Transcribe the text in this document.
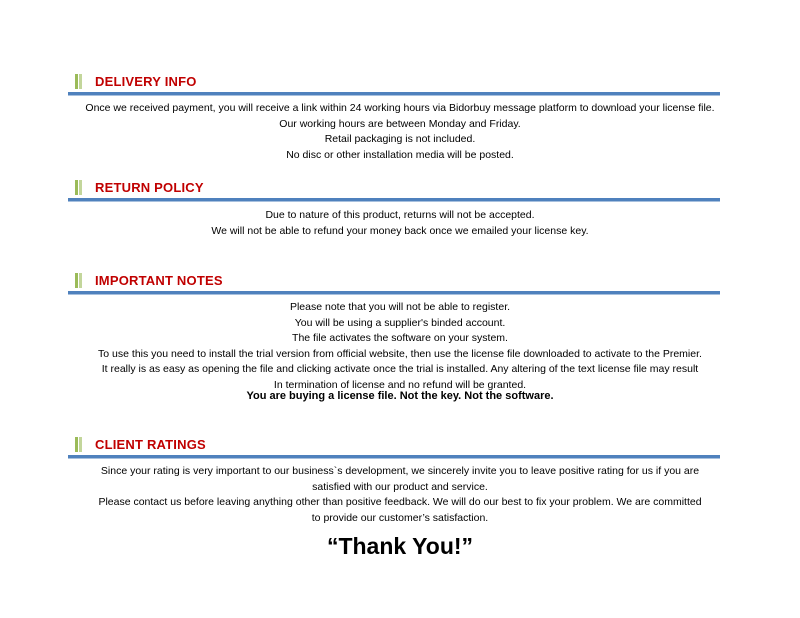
DELIVERY INFO
Once we received payment, you will receive a link within 24 working hours via Bidorbuy message platform to download your license file.
Our working hours are between Monday and Friday.
Retail packaging is not included.
No disc or other installation media will be posted.
RETURN POLICY
Due to nature of this product, returns will not be accepted.
We will not be able to refund your money back once we emailed your license key.
IMPORTANT NOTES
Please note that you will not be able to register.
You will be using a supplier's binded account.
The file activates the software on your system.
To use this you need to install the trial version from official website, then use the license file downloaded to activate to the Premier.
It really is as easy as opening the file and clicking activate once the trial is installed. Any altering of the text license file may result
In termination of license and no refund will be granted.
You are buying a license file. Not the key. Not the software.
CLIENT RATINGS
Since your rating is very important to our business`s development, we sincerely invite you to leave positive rating for us if you are
satisfied with our product and service.
Please contact us before leaving anything other than positive feedback. We will do our best to fix your problem. We are committed
to provide our customer’s satisfaction.
“Thank You!”
